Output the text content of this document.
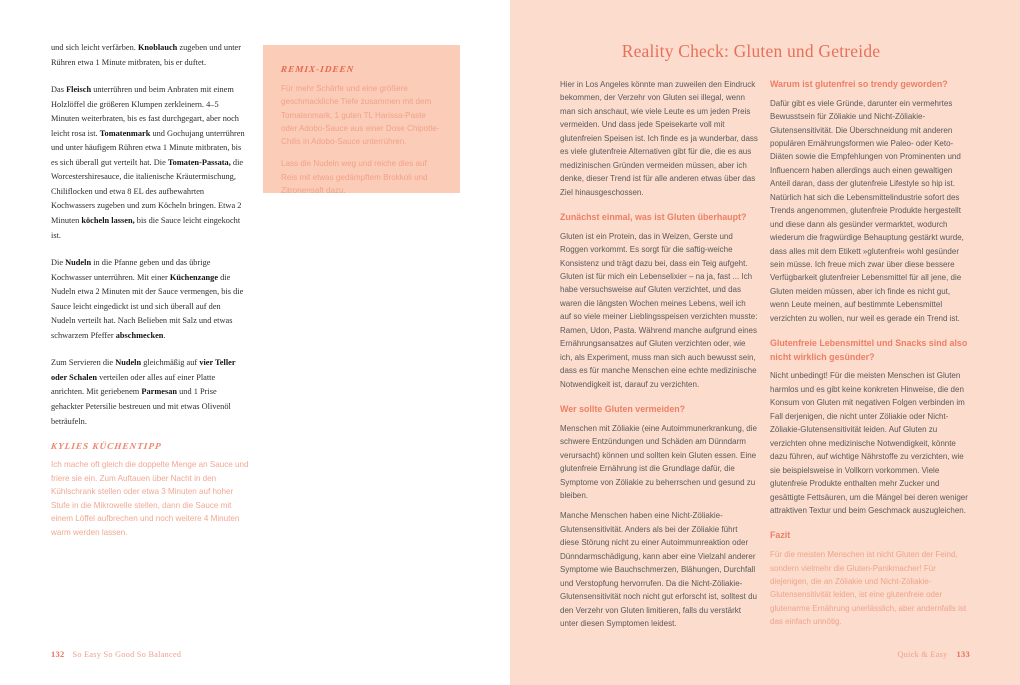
und sich leicht verfärben. Knoblauch zugeben und unter Rühren etwa 1 Minute mitbraten, bis er duftet.

Das Fleisch unterrühren und beim Anbraten mit einem Holzlöffel die größeren Klumpen zerkleinern. 4–5 Minuten weiterbraten, bis es fast durchgegart, aber noch leicht rosa ist. Tomatenmark und Gochujang unterrühren und unter häufigem Rühren etwa 1 Minute mitbraten, bis es sich überall gut verteilt hat. Die Tomaten-Passata, die Worcestershiresauce, die italienische Kräutermischung, Chiliflocken und etwa 8 EL des aufbewahrten Kochwassers zugeben und zum Köcheln bringen. Etwa 2 Minuten köcheln lassen, bis die Sauce leicht eingekocht ist.

Die Nudeln in die Pfanne geben und das übrige Kochwasser unterrühren. Mit einer Küchenzange die Nudeln etwa 2 Minuten mit der Sauce vermengen, bis die Sauce leicht eingedickt ist und sich überall auf den Nudeln verteilt hat. Nach Belieben mit Salz und etwas schwarzem Pfeffer abschmecken.

Zum Servieren die Nudeln gleichmäßig auf vier Teller oder Schalen verteilen oder alles auf einer Platte anrichten. Mit geriebenem Parmesan und 1 Prise gehackter Petersilie bestreuen und mit etwas Olivenöl beträufeln.

KYLIES KÜCHENTIPP

Ich mache oft gleich die doppelte Menge an Sauce und friere sie ein. Zum Auftauen über Nacht in den Kühlschrank stellen oder etwa 3 Minuten auf hoher Stufe in die Mikrowelle stellen, dann die Sauce mit einem Löffel aufbrechen und noch weitere 4 Minuten warm werden lassen.

REMIX-IDEEN

Für mehr Schärfe und eine größere geschmackliche Tiefe zusammen mit dem Tomatenmark, 1 guten TL Harissa-Paste oder Adobo-Sauce aus einer Dose Chipotle-Chilis in Adobo-Sauce unterrühren.

Lass die Nudeln weg und reiche dies auf Reis mit etwas gedämpftem Brokkoli und Zitronensaft dazu.

132 So Easy So Good So Balanced
Reality Check: Gluten und Getreide

Hier in Los Angeles könnte man zuweilen den Eindruck bekommen, der Verzehr von Gluten sei illegal, wenn man sich anschaut, wie viele Leute es um jeden Preis vermeiden. Und dass jede Speisekarte voll mit glutenfreien Speisen ist. Ich finde es ja wunderbar, dass es viele glutenfreie Alternativen gibt für die, die es aus medizinischen Gründen vermeiden müssen, aber ich denke, dieser Trend ist für alle anderen etwas über das Ziel hinausgeschossen.

Zunächst einmal, was ist Gluten überhaupt?

Gluten ist ein Protein, das in Weizen, Gerste und Roggen vorkommt. Es sorgt für die saftig-weiche Konsistenz und trägt dazu bei, dass ein Teig aufgeht. Gluten ist für mich ein Lebenselixier – na ja, fast ... Ich habe versuchsweise auf Gluten verzichtet, und das waren die längsten Wochen meines Lebens, weil ich auf so viele meiner Lieblingsspeisen verzichten musste: Ramen, Udon, Pasta. Während manche aufgrund eines Ernährungsansatzes auf Gluten verzichten oder, wie ich, als Experiment, muss man sich auch bewusst sein, dass es für manche Menschen eine echte medizinische Notwendigkeit ist, darauf zu verzichten.

Wer sollte Gluten vermeiden?

Menschen mit Zöliakie (eine Autoimmunerkrankung, die schwere Entzündungen und Schäden am Dünndarm verursacht) können und sollten kein Gluten essen. Eine glutenfreie Ernährung ist die Grundlage dafür, die Symptome von Zöliakie zu beherrschen und gesund zu bleiben.

Manche Menschen haben eine Nicht-Zöliakie-Glutensensitivität. Anders als bei der Zöliakie führt diese Störung nicht zu einer Autoimmunreaktion oder Dünndarmschädigung, kann aber eine Vielzahl anderer Symptome wie Bauchschmerzen, Blähungen, Durchfall und Verstopfung hervorrufen. Da die Nicht-Zöliakie-Glutensensitivität noch nicht gut erforscht ist, solltest du den Verzehr von Gluten limitieren, falls du verstärkt unter diesen Symptomen leidest.

Warum ist glutenfrei so trendy geworden?

Dafür gibt es viele Gründe, darunter ein vermehrtes Bewusstsein für Zöliakie und Nicht-Zöliakie-Glutensensitivität. Die Überschneidung mit anderen populären Ernährungsformen wie Paleo- oder Keto-Diäten sowie die Empfehlungen von Prominenten und Influencern haben allerdings auch einen gewaltigen Anteil daran, dass der glutenfreie Lifestyle so hip ist. Natürlich hat sich die Lebensmittelindustrie sofort des Trends angenommen, glutenfreie Produkte hergestellt und diese dann als gesünder vermarktet, wodurch wiederum die fragwürdige Behauptung gestärkt wurde, dass alles mit dem Etikett »glutenfrei« wohl gesünder sein müsse. Ich freue mich zwar über diese bessere Verfügbarkeit glutenfreier Lebensmittel für all jene, die Gluten meiden müssen, aber ich finde es nicht gut, wenn Leute meinen, auf bestimmte Lebensmittel verzichten zu wollen, nur weil es gerade ein Trend ist.

Glutenfreie Lebensmittel und Snacks sind also nicht wirklich gesünder?

Nicht unbedingt! Für die meisten Menschen ist Gluten harmlos und es gibt keine konkreten Hinweise, die den Konsum von Gluten mit negativen Folgen verbinden im Fall derjenigen, die nicht unter Zöliakie oder Nicht-Zöliakie-Glutensensitivität leiden. Auf Gluten zu verzichten ohne medizinische Notwendigkeit, könnte dazu führen, auf wichtige Nährstoffe zu verzichten, wie sie beispielsweise in Vollkorn vorkommen. Viele glutenfreie Produkte enthalten mehr Zucker und gesättigte Fettsäuren, um die Mängel bei deren weniger attraktiven Textur und beim Geschmack auszugleichen.

Fazit

Für die meisten Menschen ist nicht Gluten der Feind, sondern vielmehr die Gluten-Panikmacher! Für diejenigen, die an Zöliakie und Nicht-Zöliakie-Glutensensitivität leiden, ist eine glutenfreie oder glutenarme Ernährung unerlässlich, aber andernfalls ist das einfach unnötig.

Quick & Easy 133
